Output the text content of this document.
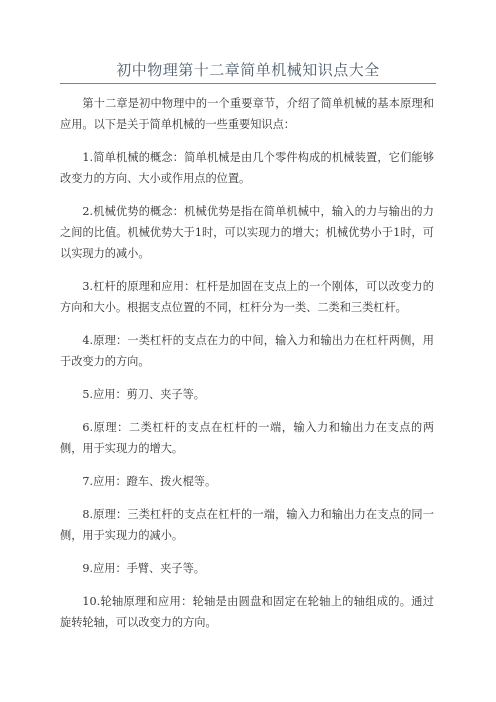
初中物理第十二章简单机械知识点大全

第十二章是初中物理中的一个重要章节，介绍了简单机械的基本原理和应用。以下是关于简单机械的一些重要知识点：

1.简单机械的概念：简单机械是由几个零件构成的机械装置，它们能够改变力的方向、大小或作用点的位置。

2.机械优势的概念：机械优势是指在简单机械中，输入的力与输出的力之间的比值。机械优势大于1时，可以实现力的增大；机械优势小于1时，可以实现力的减小。

3.杠杆的原理和应用：杠杆是加固在支点上的一个刚体，可以改变力的方向和大小。根据支点位置的不同，杠杆分为一类、二类和三类杠杆。

4.原理：一类杠杆的支点在力的中间，输入力和输出力在杠杆两侧，用于改变力的方向。

5.应用：剪刀、夹子等。

6.原理：二类杠杆的支点在杠杆的一端，输入力和输出力在支点的两侧，用于实现力的增大。

7.应用：蹬车、拨火棍等。

8.原理：三类杠杆的支点在杠杆的一端，输入力和输出力在支点的同一侧，用于实现力的减小。

9.应用：手臂、夹子等。

10.轮轴原理和应用：轮轴是由圆盘和固定在轮轴上的轴组成的。通过旋转轮轴，可以改变力的方向。
